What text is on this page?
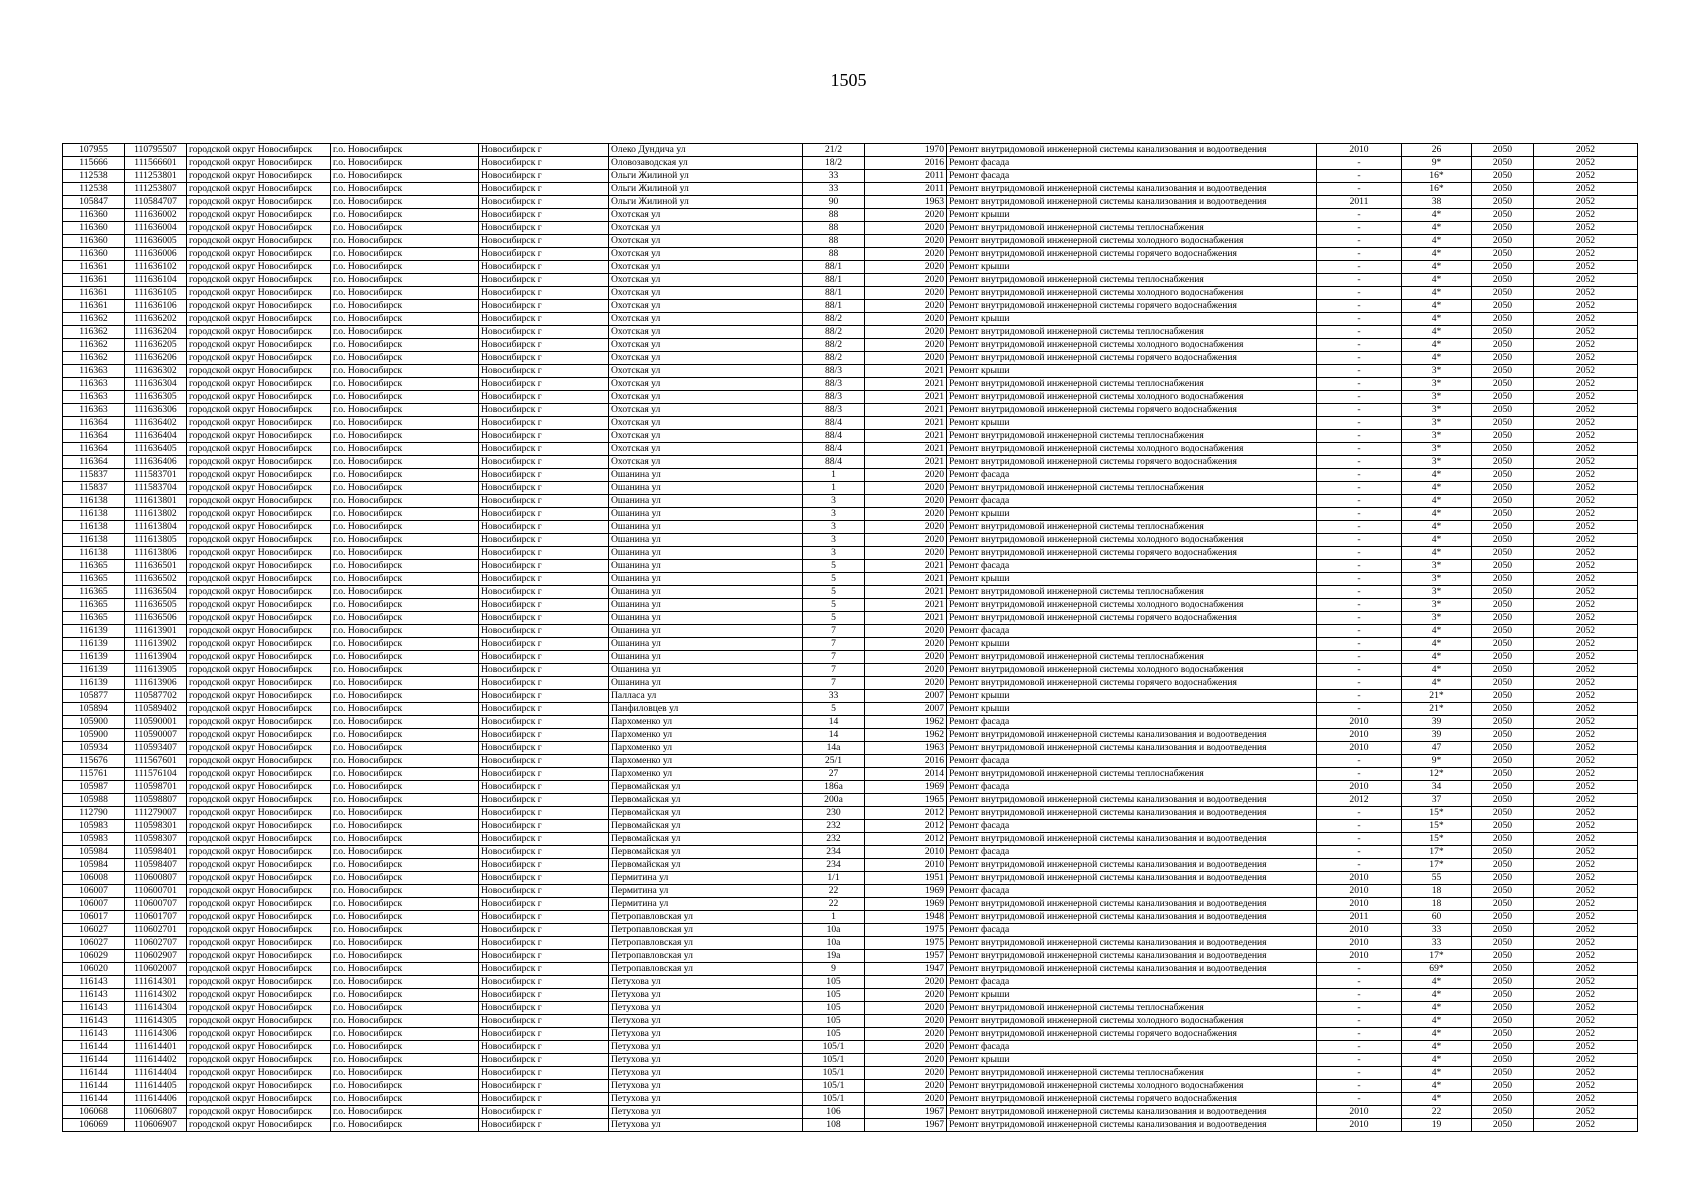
1505
107955	110795507	городской округ Новосибирск	г.о. Новосибирск	Новосибирск г	Олеко Дундича ул	21/2	1970	Ремонт внутридомовой инженерной системы канализования и водоотведения	2010	26	2050	2052
115666	111566601	городской округ Новосибирск	г.о. Новосибирск	Новосибирск г	Оловозаводская ул	18/2	2016	Ремонт фасада	-	9*	2050	2052
112538	111253801	городской округ Новосибирск	г.о. Новосибирск	Новосибирск г	Ольги Жилиной ул	33	2011	Ремонт фасада	-	16*	2050	2052
112538	111253807	городской округ Новосибирск	г.о. Новосибирск	Новосибирск г	Ольги Жилиной ул	33	2011	Ремонт внутридомовой инженерной системы канализования и водоотведения	-	16*	2050	2052
105847	110584707	городской округ Новосибирск	г.о. Новосибирск	Новосибирск г	Ольги Жилиной ул	90	1963	Ремонт внутридомовой инженерной системы канализования и водоотведения	2011	38	2050	2052
116360	111636002	городской округ Новосибирск	г.о. Новосибирск	Новосибирск г	Охотская ул	88	2020	Ремонт крыши	-	4*	2050	2052
116360	111636004	городской округ Новосибирск	г.о. Новосибирск	Новосибирск г	Охотская ул	88	2020	Ремонт внутридомовой инженерной системы теплоснабжения	-	4*	2050	2052
116360	111636005	городской округ Новосибирск	г.о. Новосибирск	Новосибирск г	Охотская ул	88	2020	Ремонт внутридомовой инженерной системы холодного водоснабжения	-	4*	2050	2052
116360	111636006	городской округ Новосибирск	г.о. Новосибирск	Новосибирск г	Охотская ул	88	2020	Ремонт внутридомовой инженерной системы горячего водоснабжения	-	4*	2050	2052
116361	111636102	городской округ Новосибирск	г.о. Новосибирск	Новосибирск г	Охотская ул	88/1	2020	Ремонт крыши	-	4*	2050	2052
116361	111636104	городской округ Новосибирск	г.о. Новосибирск	Новосибирск г	Охотская ул	88/1	2020	Ремонт внутридомовой инженерной системы теплоснабжения	-	4*	2050	2052
116361	111636105	городской округ Новосибирск	г.о. Новосибирск	Новосибирск г	Охотская ул	88/1	2020	Ремонт внутридомовой инженерной системы холодного водоснабжения	-	4*	2050	2052
116361	111636106	городской округ Новосибирск	г.о. Новосибирск	Новосибирск г	Охотская ул	88/1	2020	Ремонт внутридомовой инженерной системы горячего водоснабжения	-	4*	2050	2052
116362	111636202	городской округ Новосибирск	г.о. Новосибирск	Новосибирск г	Охотская ул	88/2	2020	Ремонт крыши	-	4*	2050	2052
116362	111636204	городской округ Новосибирск	г.о. Новосибирск	Новосибирск г	Охотская ул	88/2	2020	Ремонт внутридомовой инженерной системы теплоснабжения	-	4*	2050	2052
116362	111636205	городской округ Новосибирск	г.о. Новосибирск	Новосибирск г	Охотская ул	88/2	2020	Ремонт внутридомовой инженерной системы холодного водоснабжения	-	4*	2050	2052
116362	111636206	городской округ Новосибирск	г.о. Новосибирск	Новосибирск г	Охотская ул	88/2	2020	Ремонт внутридомовой инженерной системы горячего водоснабжения	-	4*	2050	2052
116363	111636302	городской округ Новосибирск	г.о. Новосибирск	Новосибирск г	Охотская ул	88/3	2021	Ремонт крыши	-	3*	2050	2052
116363	111636304	городской округ Новосибирск	г.о. Новосибирск	Новосибирск г	Охотская ул	88/3	2021	Ремонт внутридомовой инженерной системы теплоснабжения	-	3*	2050	2052
116363	111636305	городской округ Новосибирск	г.о. Новосибирск	Новосибирск г	Охотская ул	88/3	2021	Ремонт внутридомовой инженерной системы холодного водоснабжения	-	3*	2050	2052
116363	111636306	городской округ Новосибирск	г.о. Новосибирск	Новосибирск г	Охотская ул	88/3	2021	Ремонт внутридомовой инженерной системы горячего водоснабжения	-	3*	2050	2052
116364	111636402	городской округ Новосибирск	г.о. Новосибирск	Новосибирск г	Охотская ул	88/4	2021	Ремонт крыши	-	3*	2050	2052
116364	111636404	городской округ Новосибирск	г.о. Новосибирск	Новосибирск г	Охотская ул	88/4	2021	Ремонт внутридомовой инженерной системы теплоснабжения	-	3*	2050	2052
116364	111636405	городской округ Новосибирск	г.о. Новосибирск	Новосибирск г	Охотская ул	88/4	2021	Ремонт внутридомовой инженерной системы холодного водоснабжения	-	3*	2050	2052
116364	111636406	городской округ Новосибирск	г.о. Новосибирск	Новосибирск г	Охотская ул	88/4	2021	Ремонт внутридомовой инженерной системы горячего водоснабжения	-	3*	2050	2052
115837	111583701	городской округ Новосибирск	г.о. Новосибирск	Новосибирск г	Ошанина ул	1	2020	Ремонт фасада	-	4*	2050	2052
115837	111583704	городской округ Новосибирск	г.о. Новосибирск	Новосибирск г	Ошанина ул	1	2020	Ремонт внутридомовой инженерной системы теплоснабжения	-	4*	2050	2052
116138	111613801	городской округ Новосибирск	г.о. Новосибирск	Новосибирск г	Ошанина ул	3	2020	Ремонт фасада	-	4*	2050	2052
116138	111613802	городской округ Новосибирск	г.о. Новосибирск	Новосибирск г	Ошанина ул	3	2020	Ремонт крыши	-	4*	2050	2052
116138	111613804	городской округ Новосибирск	г.о. Новосибирск	Новосибирск г	Ошанина ул	3	2020	Ремонт внутридомовой инженерной системы теплоснабжения	-	4*	2050	2052
116138	111613805	городской округ Новосибирск	г.о. Новосибирск	Новосибирск г	Ошанина ул	3	2020	Ремонт внутридомовой инженерной системы холодного водоснабжения	-	4*	2050	2052
116138	111613806	городской округ Новосибирск	г.о. Новосибирск	Новосибирск г	Ошанина ул	3	2020	Ремонт внутридомовой инженерной системы горячего водоснабжения	-	4*	2050	2052
116365	111636501	городской округ Новосибирск	г.о. Новосибирск	Новосибирск г	Ошанина ул	5	2021	Ремонт фасада	-	3*	2050	2052
116365	111636502	городской округ Новосибирск	г.о. Новосибирск	Новосибирск г	Ошанина ул	5	2021	Ремонт крыши	-	3*	2050	2052
116365	111636504	городской округ Новосибирск	г.о. Новосибирск	Новосибирск г	Ошанина ул	5	2021	Ремонт внутридомовой инженерной системы теплоснабжения	-	3*	2050	2052
116365	111636505	городской округ Новосибирск	г.о. Новосибирск	Новосибирск г	Ошанина ул	5	2021	Ремонт внутридомовой инженерной системы холодного водоснабжения	-	3*	2050	2052
116365	111636506	городской округ Новосибирск	г.о. Новосибирск	Новосибирск г	Ошанина ул	5	2021	Ремонт внутридомовой инженерной системы горячего водоснабжения	-	3*	2050	2052
116139	111613901	городской округ Новосибирск	г.о. Новосибирск	Новосибирск г	Ошанина ул	7	2020	Ремонт фасада	-	4*	2050	2052
116139	111613902	городской округ Новосибирск	г.о. Новосибирск	Новосибирск г	Ошанина ул	7	2020	Ремонт крыши	-	4*	2050	2052
116139	111613904	городской округ Новосибирск	г.о. Новосибирск	Новосибирск г	Ошанина ул	7	2020	Ремонт внутридомовой инженерной системы теплоснабжения	-	4*	2050	2052
116139	111613905	городской округ Новосибирск	г.о. Новосибирск	Новосибирск г	Ошанина ул	7	2020	Ремонт внутридомовой инженерной системы холодного водоснабжения	-	4*	2050	2052
116139	111613906	городской округ Новосибирск	г.о. Новосибирск	Новосибирск г	Ошанина ул	7	2020	Ремонт внутридомовой инженерной системы горячего водоснабжения	-	4*	2050	2052
105877	110587702	городской округ Новосибирск	г.о. Новосибирск	Новосибирск г	Палласа ул	33	2007	Ремонт крыши	-	21*	2050	2052
105894	110589402	городской округ Новосибирск	г.о. Новосибирск	Новосибирск г	Панфиловцев ул	5	2007	Ремонт крыши	-	21*	2050	2052
105900	110590001	городской округ Новосибирск	г.о. Новосибирск	Новосибирск г	Пархоменко ул	14	1962	Ремонт фасада	2010	39	2050	2052
105900	110590007	городской округ Новосибирск	г.о. Новосибирск	Новосибирск г	Пархоменко ул	14	1962	Ремонт внутридомовой инженерной системы канализования и водоотведения	2010	39	2050	2052
105934	110593407	городской округ Новосибирск	г.о. Новосибирск	Новосибирск г	Пархоменко ул	14а	1963	Ремонт внутридомовой инженерной системы канализования и водоотведения	2010	47	2050	2052
115676	111567601	городской округ Новосибирск	г.о. Новосибирск	Новосибирск г	Пархоменко ул	25/1	2016	Ремонт фасада	-	9*	2050	2052
115761	111576104	городской округ Новосибирск	г.о. Новосибирск	Новосибирск г	Пархоменко ул	27	2014	Ремонт внутридомовой инженерной системы теплоснабжения	-	12*	2050	2052
105987	110598701	городской округ Новосибирск	г.о. Новосибирск	Новосибирск г	Первомайская ул	186а	1969	Ремонт фасада	2010	34	2050	2052
105988	110598807	городской округ Новосибирск	г.о. Новосибирск	Новосибирск г	Первомайская ул	200а	1965	Ремонт внутридомовой инженерной системы канализования и водоотведения	2012	37	2050	2052
112790	111279007	городской округ Новосибирск	г.о. Новосибирск	Новосибирск г	Первомайская ул	230	2012	Ремонт внутридомовой инженерной системы канализования и водоотведения	-	15*	2050	2052
105983	110598301	городской округ Новосибирск	г.о. Новосибирск	Новосибирск г	Первомайская ул	232	2012	Ремонт фасада	-	15*	2050	2052
105983	110598307	городской округ Новосибирск	г.о. Новосибирск	Новосибирск г	Первомайская ул	232	2012	Ремонт внутридомовой инженерной системы канализования и водоотведения	-	15*	2050	2052
105984	110598401	городской округ Новосибирск	г.о. Новосибирск	Новосибирск г	Первомайская ул	234	2010	Ремонт фасада	-	17*	2050	2052
105984	110598407	городской округ Новосибирск	г.о. Новосибирск	Новосибирск г	Первомайская ул	234	2010	Ремонт внутридомовой инженерной системы канализования и водоотведения	-	17*	2050	2052
106008	110600807	городской округ Новосибирск	г.о. Новосибирск	Новосибирск г	Пермитина ул	1/1	1951	Ремонт внутридомовой инженерной системы канализования и водоотведения	2010	55	2050	2052
106007	110600701	городской округ Новосибирск	г.о. Новосибирск	Новосибирск г	Пермитина ул	22	1969	Ремонт фасада	2010	18	2050	2052
106007	110600707	городской округ Новосибирск	г.о. Новосибирск	Новосибирск г	Пермитина ул	22	1969	Ремонт внутридомовой инженерной системы канализования и водоотведения	2010	18	2050	2052
106017	110601707	городской округ Новосибирск	г.о. Новосибирск	Новосибирск г	Петропавловская ул	1	1948	Ремонт внутридомовой инженерной системы канализования и водоотведения	2011	60	2050	2052
106027	110602701	городской округ Новосибирск	г.о. Новосибирск	Новосибирск г	Петропавловская ул	10а	1975	Ремонт фасада	2010	33	2050	2052
106027	110602707	городской округ Новосибирск	г.о. Новосибирск	Новосибирск г	Петропавловская ул	10а	1975	Ремонт внутридомовой инженерной системы канализования и водоотведения	2010	33	2050	2052
106029	110602907	городской округ Новосибирск	г.о. Новосибирск	Новосибирск г	Петропавловская ул	19а	1957	Ремонт внутридомовой инженерной системы канализования и водоотведения	2010	17*	2050	2052
106020	110602007	городской округ Новосибирск	г.о. Новосибирск	Новосибирск г	Петропавловская ул	9	1947	Ремонт внутридомовой инженерной системы канализования и водоотведения	-	69*	2050	2052
116143	111614301	городской округ Новосибирск	г.о. Новосибирск	Новосибирск г	Петухова ул	105	2020	Ремонт фасада	-	4*	2050	2052
116143	111614302	городской округ Новосибирск	г.о. Новосибирск	Новосибирск г	Петухова ул	105	2020	Ремонт крыши	-	4*	2050	2052
116143	111614304	городской округ Новосибирск	г.о. Новосибирск	Новосибирск г	Петухова ул	105	2020	Ремонт внутридомовой инженерной системы теплоснабжения	-	4*	2050	2052
116143	111614305	городской округ Новосибирск	г.о. Новосибирск	Новосибирск г	Петухова ул	105	2020	Ремонт внутридомовой инженерной системы холодного водоснабжения	-	4*	2050	2052
116143	111614306	городской округ Новосибирск	г.о. Новосибирск	Новосибирск г	Петухова ул	105	2020	Ремонт внутридомовой инженерной системы горячего водоснабжения	-	4*	2050	2052
116144	111614401	городской округ Новосибирск	г.о. Новосибирск	Новосибирск г	Петухова ул	105/1	2020	Ремонт фасада	-	4*	2050	2052
116144	111614402	городской округ Новосибирск	г.о. Новосибирск	Новосибирск г	Петухова ул	105/1	2020	Ремонт крыши	-	4*	2050	2052
116144	111614404	городской округ Новосибирск	г.о. Новосибирск	Новосибирск г	Петухова ул	105/1	2020	Ремонт внутридомовой инженерной системы теплоснабжения	-	4*	2050	2052
116144	111614405	городской округ Новосибирск	г.о. Новосибирск	Новосибирск г	Петухова ул	105/1	2020	Ремонт внутридомовой инженерной системы холодного водоснабжения	-	4*	2050	2052
116144	111614406	городской округ Новосибирск	г.о. Новосибирск	Новосибирск г	Петухова ул	105/1	2020	Ремонт внутридомовой инженерной системы горячего водоснабжения	-	4*	2050	2052
106068	110606807	городской округ Новосибирск	г.о. Новосибирск	Новосибирск г	Петухова ул	106	1967	Ремонт внутридомовой инженерной системы канализования и водоотведения	2010	22	2050	2052
106069	110606907	городской округ Новосибирск	г.о. Новосибирск	Новосибирск г	Петухова ул	108	1967	Ремонт внутридомовой инженерной системы канализования и водоотведения	2010	19	2050	2052
